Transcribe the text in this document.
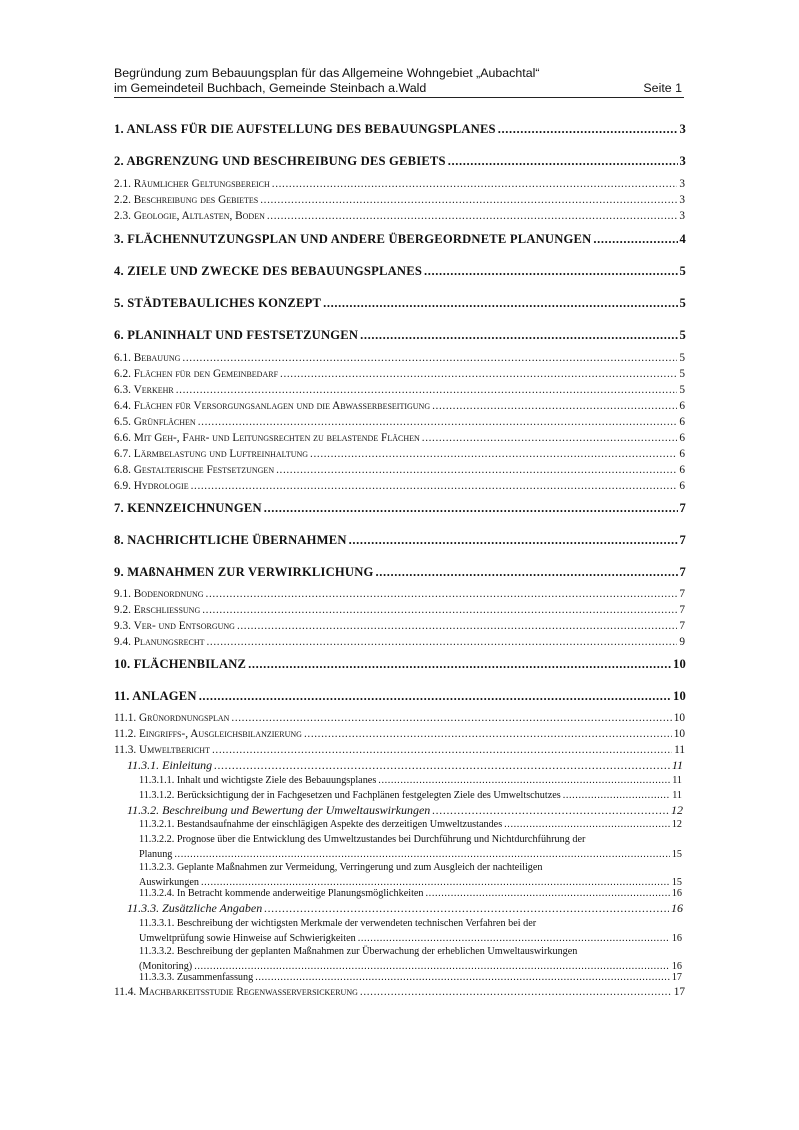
Begründung zum Bebauungsplan für das Allgemeine Wohngebiet „Aubachtal“
im Gemeindeteil Buchbach, Gemeinde Steinbach a.Wald	Seite 1
1. ANLASS FÜR DIE AUFSTELLUNG DES BEBAUUNGSPLANES .....	3
2. ABGRENZUNG UND BESCHREIBUNG DES GEBIETS .....	3
2.1. Räumlicher Geltungsbereich .....	3
2.2. Beschreibung des Gebietes .....	3
2.3. Geologie, Altlasten, Boden .....	3
3. FLÄCHENNUTZUNGSPLAN UND ANDERE ÜBERGEORDNETE PLANUNGEN .....	4
4. ZIELE UND ZWECKE DES BEBAUUNGSPLANES .....	5
5. STÄDTEBAULICHES KONZEPT .....	5
6. PLANINHALT UND FESTSETZUNGEN .....	5
6.1. Bebauung .....	5
6.2. Flächen für den Gemeinbedarf .....	5
6.3. Verkehr .....	5
6.4. Flächen für Versorgungsanlagen und die Abwasserbeseitigung .....	6
6.5. Grünflächen .....	6
6.6. Mit Geh-, Fahr- und Leitungsrechten zu belastende Flächen .....	6
6.7. Lärmbelastung und Luftreinhaltung .....	6
6.8. Gestalterische Festsetzungen .....	6
6.9. Hydrologie .....	6
7. KENNZEICHNUNGEN .....	7
8. NACHRICHTLICHE ÜBERNAHMEN .....	7
9. MAßNAHMEN ZUR VERWIRKLICHUNG .....	7
9.1. Bodenordnung .....	7
9.2. Erschließung .....	7
9.3. Ver- und Entsorgung .....	7
9.4. Planungsrecht .....	9
10. FLÄCHENBILANZ .....	10
11. ANLAGEN .....	10
11.1. Grünordnungsplan .....	10
11.2. Eingriffs-, Ausgleichsbilanzierung .....	10
11.3. Umweltbericht .....	11
11.3.1. Einleitung .....	11
11.3.1.1. Inhalt und wichtigste Ziele des Bebauungsplanes .....	11
11.3.1.2. Berücksichtigung der in Fachgesetzen und Fachplänen festgelegten Ziele des Umweltschutzes .....	11
11.3.2. Beschreibung und Bewertung der Umweltauswirkungen .....	12
11.3.2.1. Bestandsaufnahme der einschlägigen Aspekte des derzeitigen Umweltzustandes .....	12
11.3.2.2. Prognose über die Entwicklung des Umweltzustandes bei Durchführung und Nichtdurchführung der
Planung .....	15
11.3.2.3. Geplante Maßnahmen zur Vermeidung, Verringerung und zum Ausgleich der nachteiligen
Auswirkungen .....	15
11.3.2.4. In Betracht kommende anderweitige Planungsmöglichkeiten .....	16
11.3.3. Zusätzliche Angaben .....	16
11.3.3.1. Beschreibung der wichtigsten Merkmale der verwendeten technischen Verfahren bei der
Umweltprüfung sowie Hinweise auf Schwierigkeiten .....	16
11.3.3.2. Beschreibung der geplanten Maßnahmen zur Überwachung der erheblichen Umweltauswirkungen
(Monitoring) .....	16
11.3.3.3. Zusammenfassung .....	17
11.4. Machbarkeitsstudie Regenwasserversickerung .....	17
